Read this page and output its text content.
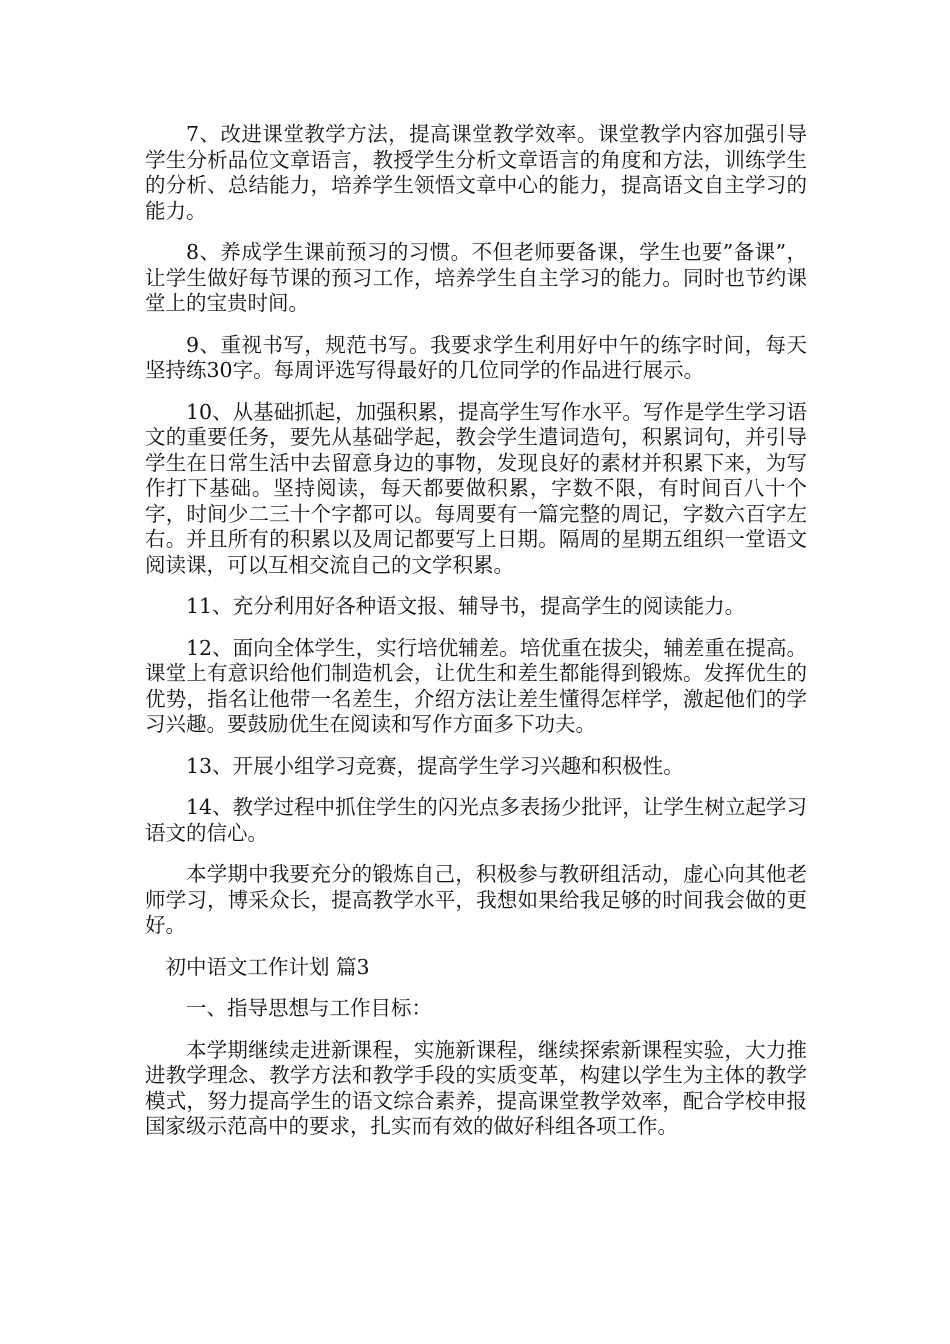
7、改进课堂教学方法，提高课堂教学效率。课堂教学内容加强引导学生分析品位文章语言，教授学生分析文章语言的角度和方法，训练学生的分析、总结能力，培养学生领悟文章中心的能力，提高语文自主学习的能力。

8、养成学生课前预习的习惯。不但老师要备课，学生也要”备课”，让学生做好每节课的预习工作，培养学生自主学习的能力。同时也节约课堂上的宝贵时间。

9、重视书写，规范书写。我要求学生利用好中午的练字时间，每天坚持练30字。每周评选写得最好的几位同学的作品进行展示。

10、从基础抓起，加强积累，提高学生写作水平。写作是学生学习语文的重要任务，要先从基础学起，教会学生遣词造句，积累词句，并引导学生在日常生活中去留意身边的事物，发现良好的素材并积累下来，为写作打下基础。坚持阅读，每天都要做积累，字数不限，有时间百八十个字，时间少二三十个字都可以。每周要有一篇完整的周记，字数六百字左右。并且所有的积累以及周记都要写上日期。隔周的星期五组织一堂语文阅读课，可以互相交流自己的文学积累。

11、充分利用好各种语文报、辅导书，提高学生的阅读能力。

12、面向全体学生，实行培优辅差。培优重在拔尖，辅差重在提高。课堂上有意识给他们制造机会，让优生和差生都能得到锻炼。发挥优生的优势，指名让他带一名差生，介绍方法让差生懂得怎样学，激起他们的学习兴趣。要鼓励优生在阅读和写作方面多下功夫。

13、开展小组学习竞赛，提高学生学习兴趣和积极性。

14、教学过程中抓住学生的闪光点多表扬少批评，让学生树立起学习语文的信心。

本学期中我要充分的锻炼自己，积极参与教研组活动，虚心向其他老师学习，博采众长，提高教学水平，我想如果给我足够的时间我会做的更好。

初中语文工作计划 篇3

一、指导思想与工作目标：

本学期继续走进新课程，实施新课程，继续探索新课程实验，大力推进教学理念、教学方法和教学手段的实质变革，构建以学生为主体的教学模式，努力提高学生的语文综合素养，提高课堂教学效率，配合学校申报国家级示范高中的要求，扎实而有效的做好科组各项工作。
